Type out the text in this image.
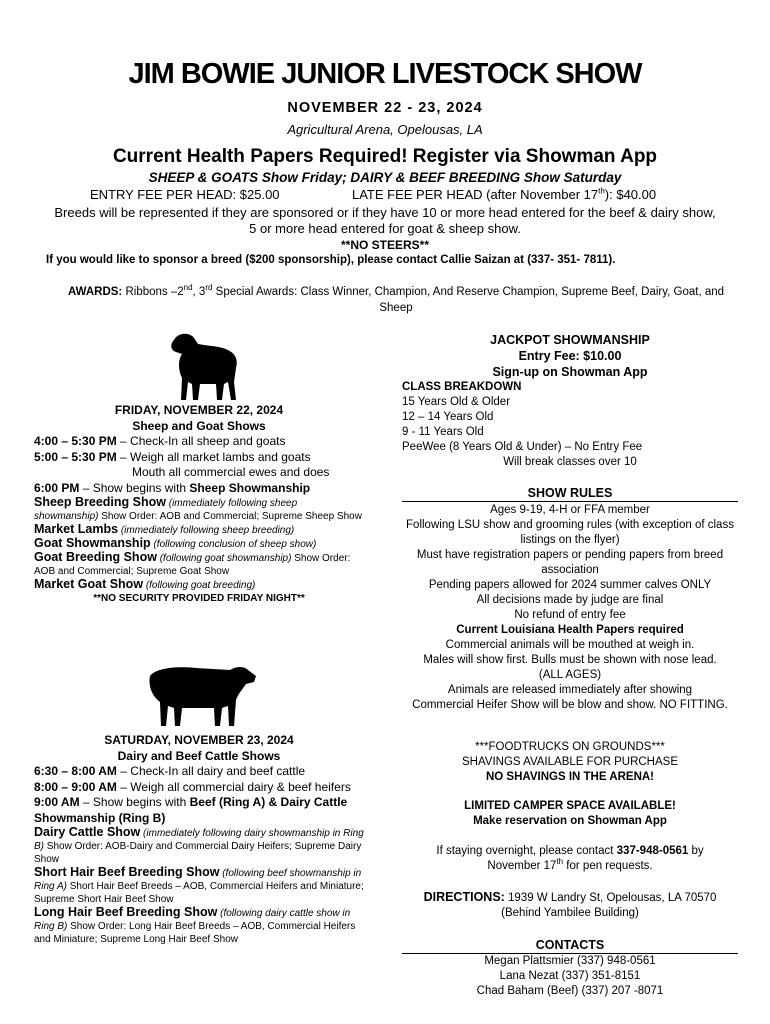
JIM BOWIE JUNIOR LIVESTOCK SHOW
NOVEMBER 22 - 23, 2024
Agricultural Arena, Opelousas, LA
Current Health Papers Required! Register via Showman App
SHEEP & GOATS Show Friday; DAIRY & BEEF BREEDING Show Saturday
ENTRY FEE PER HEAD: $25.00	LATE FEE PER HEAD (after November 17th): $40.00
Breeds will be represented if they are sponsored or if they have 10 or more head entered for the beef & dairy show, 5 or more head entered for goat & sheep show.
**NO STEERS**
If you would like to sponsor a breed ($200 sponsorship), please contact Callie Saizan at (337- 351- 7811).
AWARDS: Ribbons –2nd, 3rd Special Awards: Class Winner, Champion, And Reserve Champion, Supreme Beef, Dairy, Goat, and Sheep
FRIDAY, NOVEMBER 22, 2024
Sheep and Goat Shows
4:00 – 5:30 PM – Check-In all sheep and goats
5:00 – 5:30 PM – Weigh all market lambs and goats
Mouth all commercial ewes and does
6:00 PM – Show begins with Sheep Showmanship
Sheep Breeding Show (immediately following sheep showmanship) Show Order: AOB and Commercial; Supreme Sheep Show
Market Lambs (immediately following sheep breeding)
Goat Showmanship (following conclusion of sheep show)
Goat Breeding Show (following goat showmanship) Show Order: AOB and Commercial; Supreme Goat Show
Market Goat Show (following goat breeding)
**NO SECURITY PROVIDED FRIDAY NIGHT**
SATURDAY, NOVEMBER 23, 2024
Dairy and Beef Cattle Shows
6:30 – 8:00 AM – Check-In all dairy and beef cattle
8:00 – 9:00 AM – Weigh all commercial dairy & beef heifers
9:00 AM – Show begins with Beef (Ring A) & Dairy Cattle Showmanship (Ring B)
Dairy Cattle Show (immediately following dairy showmanship in Ring B) Show Order: AOB-Dairy and Commercial Dairy Heifers; Supreme Dairy Show
Short Hair Beef Breeding Show (following beef showmanship in Ring A) Short Hair Beef Breeds – AOB, Commercial Heifers and Miniature; Supreme Short Hair Beef Show
Long Hair Beef Breeding Show (following dairy cattle show in Ring B) Show Order: Long Hair Beef Breeds – AOB, Commercial Heifers and Miniature; Supreme Long Hair Beef Show
JACKPOT SHOWMANSHIP
Entry Fee: $10.00
Sign-up on Showman App
CLASS BREAKDOWN
15 Years Old & Older
12 – 14 Years Old
9 - 11 Years Old
PeeWee (8 Years Old & Under) – No Entry Fee
Will break classes over 10
SHOW RULES
Ages 9-19, 4-H or FFA member
Following LSU show and grooming rules (with exception of class listings on the flyer)
Must have registration papers or pending papers from breed association
Pending papers allowed for 2024 summer calves ONLY
All decisions made by judge are final
No refund of entry fee
Current Louisiana Health Papers required
Commercial animals will be mouthed at weigh in.
Males will show first. Bulls must be shown with nose lead.
(ALL AGES)
Animals are released immediately after showing
Commercial Heifer Show will be blow and show. NO FITTING.
***FOODTRUCKS ON GROUNDS***
SHAVINGS AVAILABLE FOR PURCHASE
NO SHAVINGS IN THE ARENA!
LIMITED CAMPER SPACE AVAILABLE!
Make reservation on Showman App
If staying overnight, please contact 337-948-0561 by
November 17th for pen requests.
DIRECTIONS: 1939 W Landry St, Opelousas, LA 70570
(Behind Yambilee Building)
CONTACTS
Megan Plattsmier (337) 948-0561
Lana Nezat (337) 351-8151
Chad Baham (Beef) (337) 207 -8071
